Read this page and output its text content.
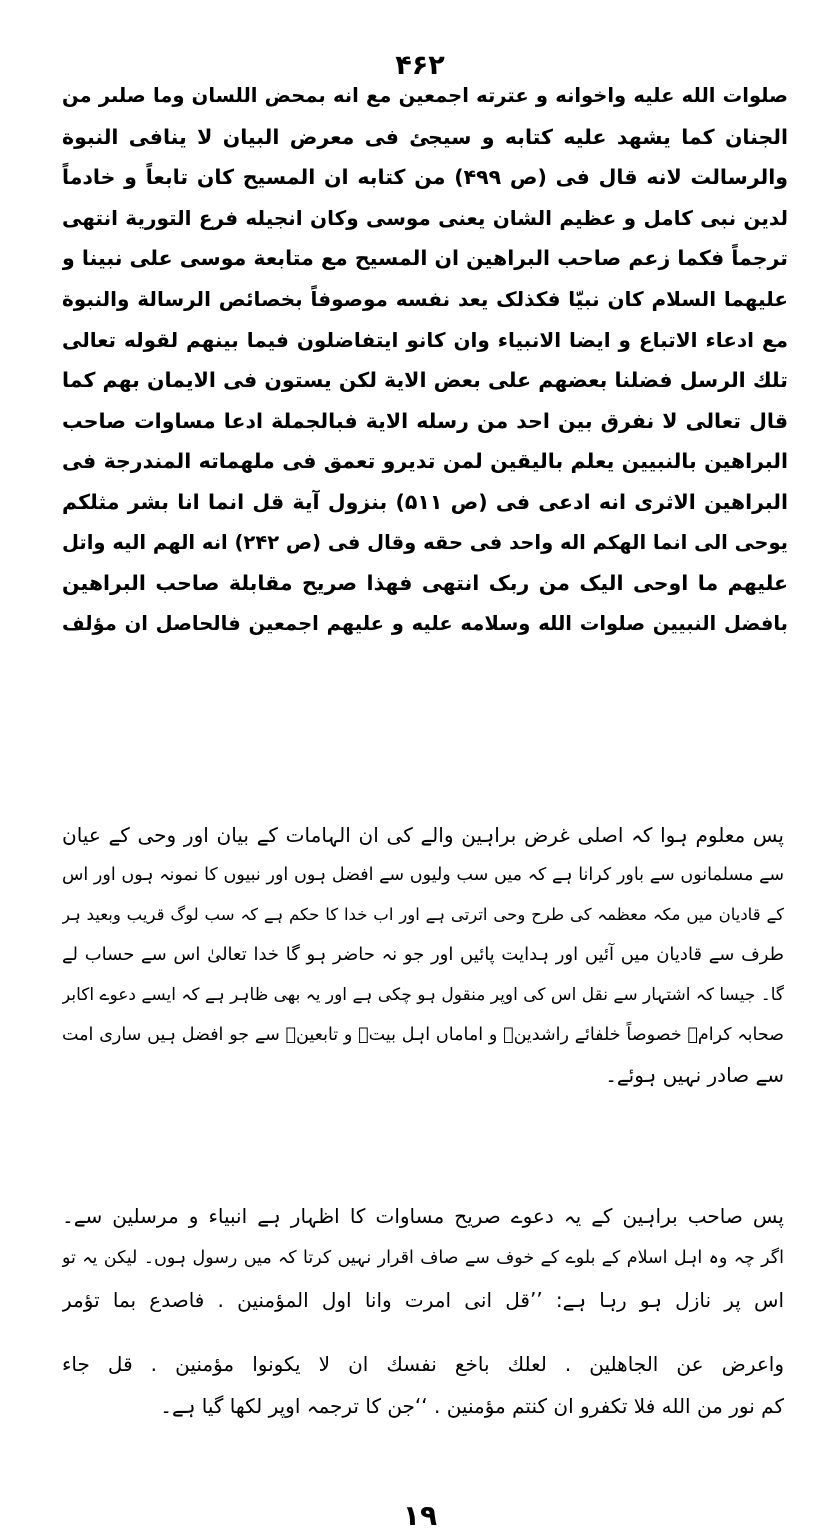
۴۶۲
صلوات الله عليه واخوانه و عترته اجمعين مع انه بمحض اللسان وما صلىر من
الجنان كما يشهد عليه كتابه و سيجئ فى معرض البيان لا ينافى النبوة
والرسالت لانه قال فى (ص ۴۹۹) من كتابه ان المسيح كان تابعاً و خادماً
لدين نبى كامل و عظيم الشان يعنى موسى وكان انجيله فرع التورية انتهى
ترجماً فكما زعم صاحب البراهين ان المسيح مع متابعة موسى على نبينا و
عليهما السلام كان نبيّا فكذلک يعد نفسه موصوفاً بخصائص الرسالة والنبوة
مع ادعاء الاتباع و ايضا الانبياء وان كانو ايتفاضلون فيما بينهم لقوله تعالى
تلك الرسل فضلنا بعضهم على بعض الاية لكن يستون فى الايمان بهم كما
قال تعالى لا نفرق بين احد من رسله الاية فبالجملة ادعا مساوات صاحب
البراهين بالنبيين يعلم باليقين لمن تديرو تعمق فى ملهماته المندرجة فى
البراهين الاثرى انه ادعى فى (ص ۵۱۱) بنزول آية قل انما انا بشر مثلكم
يوحى الى انما الهكم اله واحد فى حقه وقال فى (ص ۲۴۲) انه الهم اليه واتل
عليهم ما اوحى اليک من ربک انتهى فهذا صريح مقابلة صاحب البراهين
بافضل النبيين صلوات الله وسلامه عليه و عليهم اجمعين فالحاصل ان مؤلف
پس معلوم ہوا کہ اصلی غرض براہین والے کی ان الہامات کے بیان اور وحی کے عیان
سے مسلمانوں سے باور کرانا ہے کہ میں سب ولیوں سے افضل ہوں اور نبیوں کا نمونہ ہوں اور اس
کے قادیان میں مکہ معظمہ کی طرح وحی اترتی ہے اور اب خدا کا حکم ہے کہ سب لوگ قریب وبعید ہر
طرف سے قادیان میں آئیں اور ہدایت پائیں اور جو نہ حاضر ہو گا خدا تعالیٰ اس سے حساب لے
گا۔ جیسا کہ اشتہار سے نقل اس کی اوپر منقول ہو چکی ہے اور یہ بھی ظاہر ہے کہ ایسے دعوے اکابر
صحابہ کرامؓ خصوصاً خلفائے راشدینؓ و اماماں اہل بیتؓ و تابعینؒ سے جو افضل ہیں ساری امت
سے صادر نہیں ہوئے۔
پس صاحب براہین کے یہ دعوے صریح مساوات کا اظہار ہے انبیاء و مرسلین سے۔
اگر چہ وہ اہل اسلام کے بلوے کے خوف سے صاف اقرار نہیں کرتا کہ میں رسول ہوں۔ لیکن یہ تو
اس پر نازل ہو رہا ہے: ’’قل انی امرت وانا اول المؤمنین . فاصدع بما تؤمر
واعرض عن الجاهلين . لعلك باخع نفسك ان لا يكونوا مؤمنين . قل جاء
کم نور من الله فلا تكفرو ان كنتم مؤمنين . ‘‘جن کا ترجمہ اوپر لکھا گیا ہے۔
۱۹
